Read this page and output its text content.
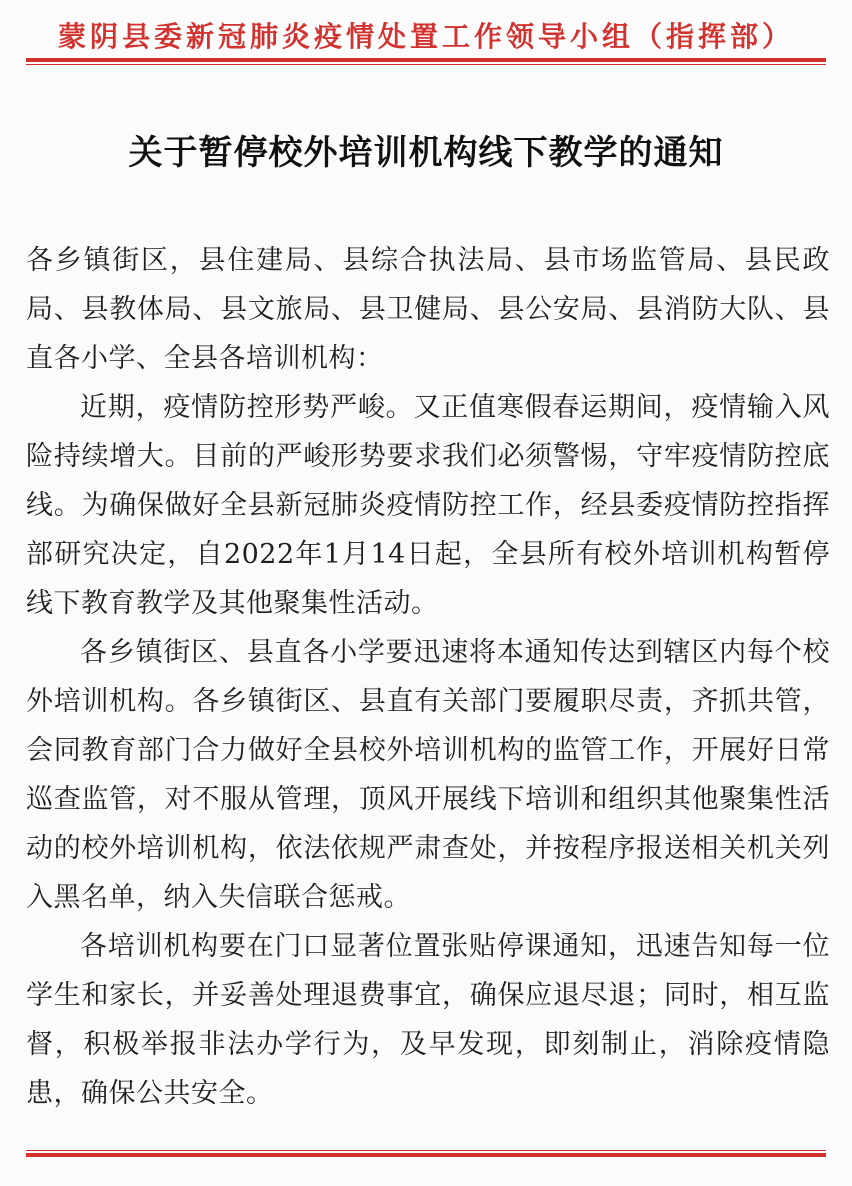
蒙阴县委新冠肺炎疫情处置工作领导小组（指挥部）
关于暂停校外培训机构线下教学的通知

各乡镇街区，县住建局、县综合执法局、县市场监管局、县民政局、县教体局、县文旅局、县卫健局、县公安局、县消防大队、县直各小学、全县各培训机构：

近期，疫情防控形势严峻。又正值寒假春运期间，疫情输入风险持续增大。目前的严峻形势要求我们必须警惕，守牢疫情防控底线。为确保做好全县新冠肺炎疫情防控工作，经县委疫情防控指挥部研究决定，自2022年1月14日起，全县所有校外培训机构暂停线下教育教学及其他聚集性活动。

各乡镇街区、县直各小学要迅速将本通知传达到辖区内每个校外培训机构。各乡镇街区、县直有关部门要履职尽责，齐抓共管，会同教育部门合力做好全县校外培训机构的监管工作，开展好日常巡查监管，对不服从管理，顶风开展线下培训和组织其他聚集性活动的校外培训机构，依法依规严肃查处，并按程序报送相关机关列入黑名单，纳入失信联合惩戒。

各培训机构要在门口显著位置张贴停课通知，迅速告知每一位学生和家长，并妥善处理退费事宜，确保应退尽退；同时，相互监督，积极举报非法办学行为，及早发现，即刻制止，消除疫情隐患，确保公共安全。
